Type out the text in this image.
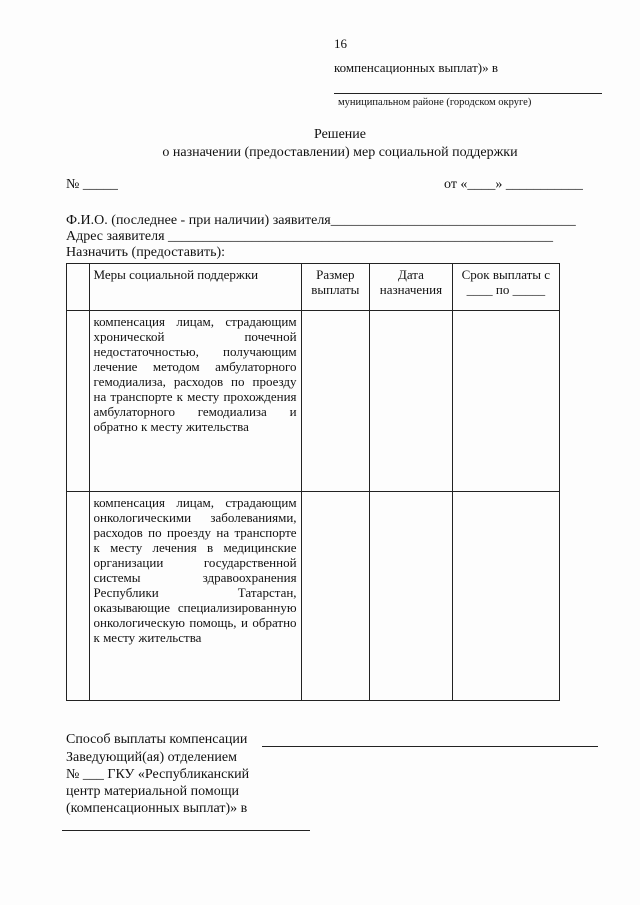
16
компенсационных выплат)» в
муниципальном районе (городском округе)
Решение
о назначении (предоставлении) мер социальной поддержки
№ _____	от «____» ___________
Ф.И.О. (последнее - при наличии) заявителя___________________________________
Адрес заявителя _______________________________________________________
Назначить (предоставить):
	Меры социальной поддержки	Размер выплаты	Дата назначения	Срок выплаты с ____ по _____
	компенсация лицам, страдающим хронической почечной недостаточностью, получающим лечение методом амбулаторного гемодиализа, расходов по проезду на транспорте к месту прохождения амбулаторного гемодиализа и обратно к месту жительства			
	компенсация лицам, страдающим онкологическими заболеваниями, расходов по проезду на транспорте к месту лечения в медицинские организации государственной системы здравоохранения Республики Татарстан, оказывающие специализированную онкологическую помощь, и обратно к месту жительства			
Способ выплаты компенсации
Заведующий(ая) отделением
№ ___ ГКУ «Республиканский
центр материальной помощи
(компенсационных выплат)» в
